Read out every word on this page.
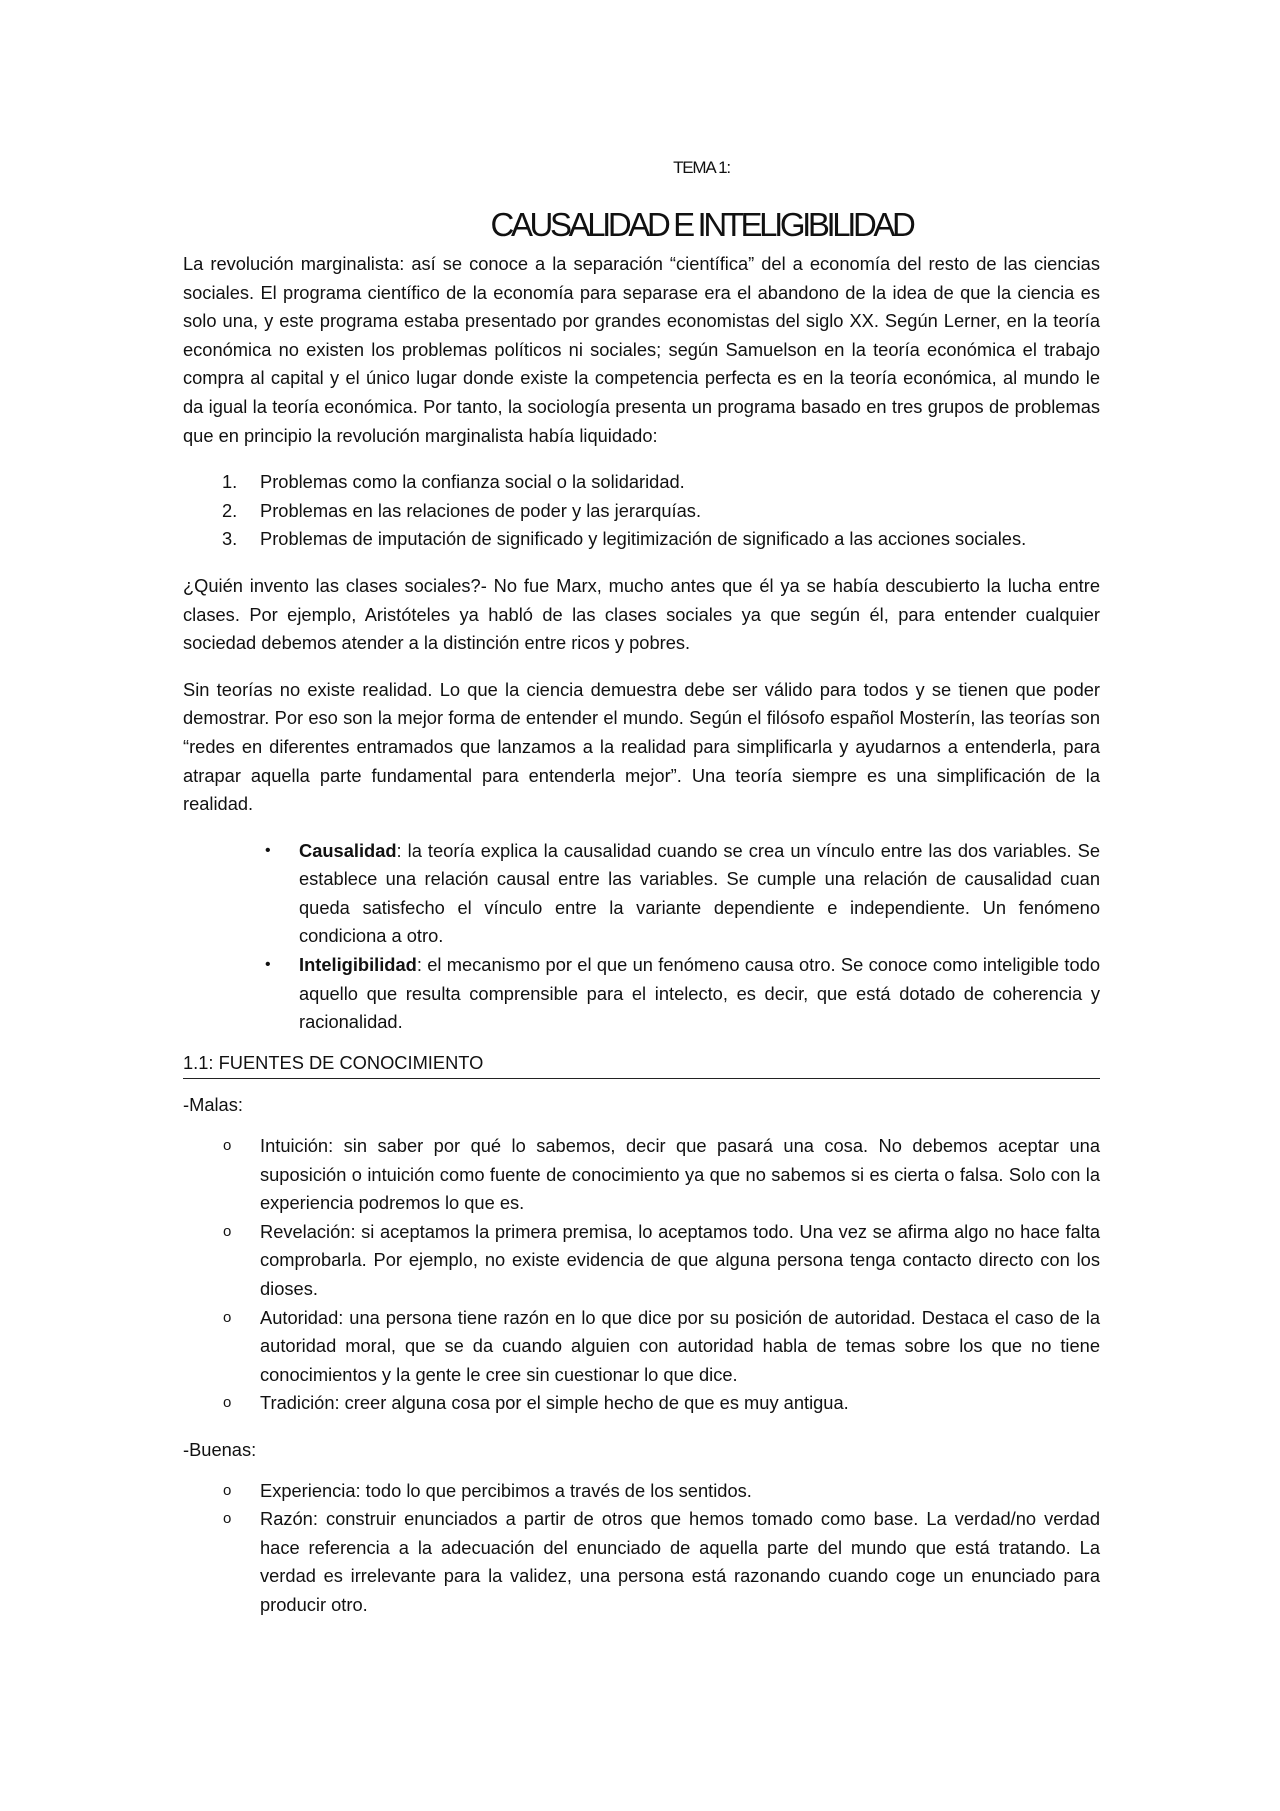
TEMA 1:
CAUSALIDAD E INTELIGIBILIDAD

La revolución marginalista: así se conoce a la separación “científica” del a economía del resto de las ciencias sociales. El programa científico de la economía para separase era el abandono de la idea de que la ciencia es solo una, y este programa estaba presentado por grandes economistas del siglo XX. Según Lerner, en la teoría económica no existen los problemas políticos ni sociales; según Samuelson en la teoría económica el trabajo compra al capital y el único lugar donde existe la competencia perfecta es en la teoría económica, al mundo le da igual la teoría económica. Por tanto, la sociología presenta un programa basado en tres grupos de problemas que en principio la revolución marginalista había liquidado:

1. Problemas como la confianza social o la solidaridad.
2. Problemas en las relaciones de poder y las jerarquías.
3. Problemas de imputación de significado y legitimización de significado a las acciones sociales.

¿Quién invento las clases sociales?- No fue Marx, mucho antes que él ya se había descubierto la lucha entre clases. Por ejemplo, Aristóteles ya habló de las clases sociales ya que según él, para entender cualquier sociedad debemos atender a la distinción entre ricos y pobres.

Sin teorías no existe realidad. Lo que la ciencia demuestra debe ser válido para todos y se tienen que poder demostrar. Por eso son la mejor forma de entender el mundo. Según el filósofo español Mosterín, las teorías son “redes en diferentes entramados que lanzamos a la realidad para simplificarla y ayudarnos a entenderla, para atrapar aquella parte fundamental para entenderla mejor”. Una teoría siempre es una simplificación de la realidad.

• Causalidad: la teoría explica la causalidad cuando se crea un vínculo entre las dos variables. Se establece una relación causal entre las variables. Se cumple una relación de causalidad cuan queda satisfecho el vínculo entre la variante dependiente e independiente. Un fenómeno condiciona a otro.
• Inteligibilidad: el mecanismo por el que un fenómeno causa otro. Se conoce como inteligible todo aquello que resulta comprensible para el intelecto, es decir, que está dotado de coherencia y racionalidad.
1.1: FUENTES DE CONOCIMIENTO

-Malas:

o Intuición: sin saber por qué lo sabemos, decir que pasará una cosa. No debemos aceptar una suposición o intuición como fuente de conocimiento ya que no sabemos si es cierta o falsa. Solo con la experiencia podremos lo que es.
o Revelación: si aceptamos la primera premisa, lo aceptamos todo. Una vez se afirma algo no hace falta comprobarla. Por ejemplo, no existe evidencia de que alguna persona tenga contacto directo con los dioses.
o Autoridad: una persona tiene razón en lo que dice por su posición de autoridad. Destaca el caso de la autoridad moral, que se da cuando alguien con autoridad habla de temas sobre los que no tiene conocimientos y la gente le cree sin cuestionar lo que dice.
o Tradición: creer alguna cosa por el simple hecho de que es muy antigua.

-Buenas:

o Experiencia: todo lo que percibimos a través de los sentidos.
o Razón: construir enunciados a partir de otros que hemos tomado como base. La verdad/no verdad hace referencia a la adecuación del enunciado de aquella parte del mundo que está tratando. La verdad es irrelevante para la validez, una persona está razonando cuando coge un enunciado para producir otro.
